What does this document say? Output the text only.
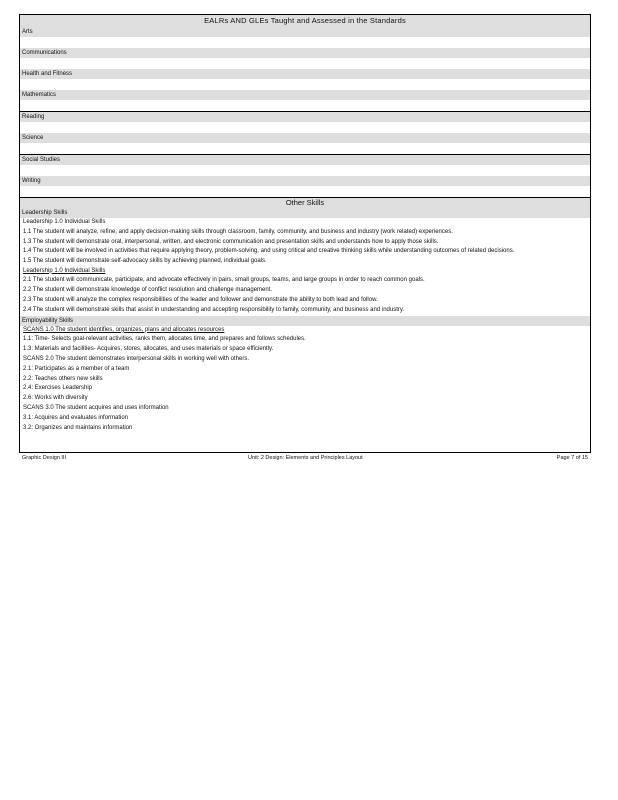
EALRs AND GLEs Taught and Assessed in the Standards
Arts
Communications
Health and Fitness
Mathematics
Reading
Science
Social Studies
Writing
Other Skills
Leadership Skills
Leadership 1.0 Individual Skills
1.1 The student will analyze, refine, and apply decision-making skills through classroom, family, community, and business and industry (work related) experiences.
1.3 The student will demonstrate oral, interpersonal, written, and electronic communication and presentation skills and understands how to apply those skills.
1.4 The student will be involved in activities that require applying theory, problem-solving, and using critical and creative thinking skills while understanding outcomes of related decisions.
1.5 The student will demonstrate self-advocacy skills by achieving planned, individual goals.
Leadership 1.0 Individual Skills
2.1 The student will communicate, participate, and advocate effectively in pairs, small groups, teams, and large groups in order to reach common goals.
2.2 The student will demonstrate knowledge of conflict resolution and challenge management.
2.3 The student will analyze the complex responsibilities of the leader and follower and demonstrate the ability to both lead and follow.
2.4 The student will demonstrate skills that assist in understanding and accepting responsibility to family, community, and business and industry.
Employability Skills
SCANS 1.0 The student identifies, organizes, plans and allocates resources
1.1: Time- Selects goal-relevant activities, ranks them, allocates time, and prepares and follows schedules.
1.3: Materials and facilities- Acquires, stores, allocates, and uses materials or space efficiently.
SCANS 2.0 The student demonstrates interpersonal skills in working well with others.
2.1: Participates as a member of a team
2.2: Teaches others new skills
2.4: Exercises Leadership
2.6: Works with diversity
SCANS 3.0 The student acquires and uses information
3.1: Acquires and evaluates information
3.2: Organizes and maintains information
Graphic Design III	Unit: 2 Design: Elements and Principles Layout	Page 7 of 15
